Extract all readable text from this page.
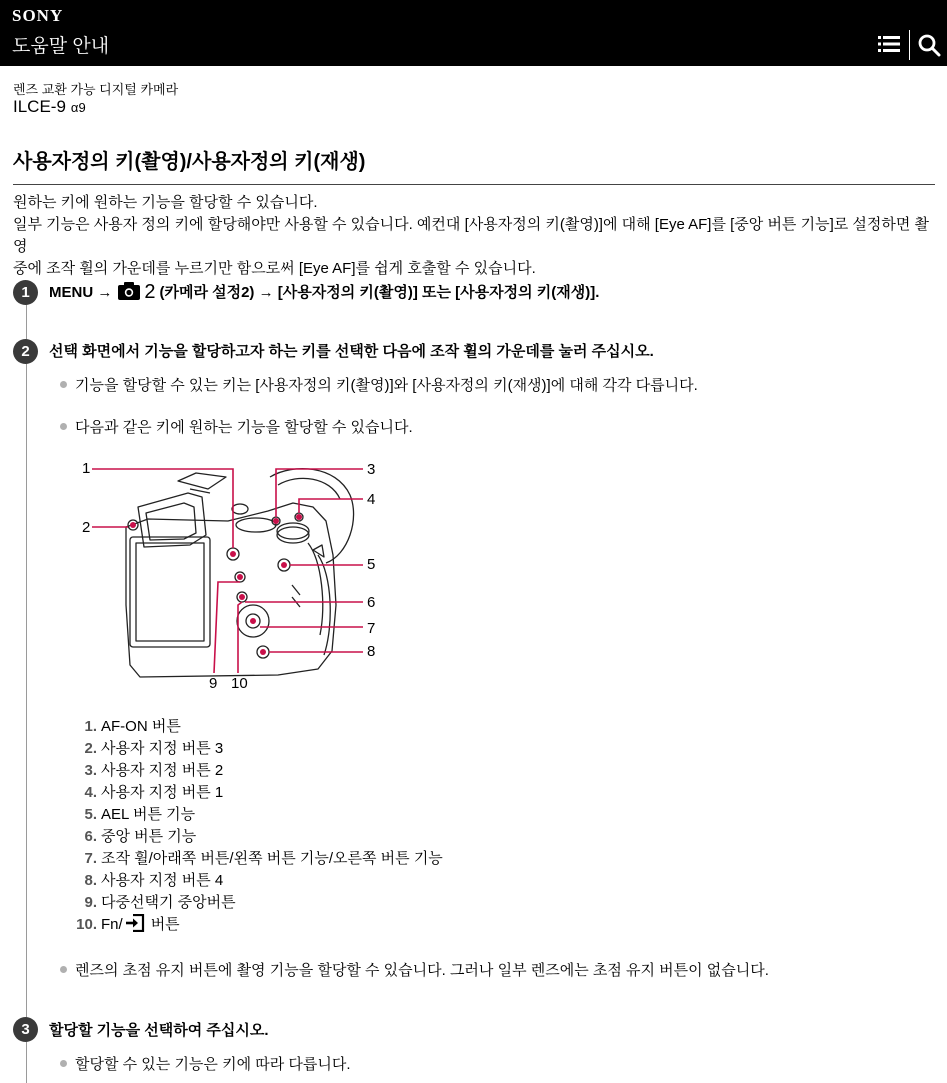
SONY
도움말 안내
렌즈 교환 가능 디지털 카메라
ILCE-9 α9
사용자정의 키(촬영)/사용자정의 키(재생)
원하는 키에 원하는 기능을 할당할 수 있습니다.
일부 기능은 사용자 정의 키에 할당해야만 사용할 수 있습니다. 예컨대 [사용자정의 키(촬영)]에 대해 [Eye AF]를 [중앙 버튼 기능]로 설정하면 촬영
중에 조작 휠의 가운데를 누르기만 함으로써 [Eye AF]를 쉽게 호출할 수 있습니다.
1	MENU → 2 (카메라 설정2) → [사용자정의 키(촬영)] 또는 [사용자정의 키(재생)].
2	선택 화면에서 기능을 할당하고자 하는 키를 선택한 다음에 조작 휠의 가운데를 눌러 주십시오.
기능을 할당할 수 있는 키는 [사용자정의 키(촬영)]와 [사용자정의 키(재생)]에 대해 각각 다릅니다.
다음과 같은 키에 원하는 기능을 할당할 수 있습니다.
1
2
3
4
5
6
7
8
9 10
1. AF-ON 버튼
2. 사용자 지정 버튼 3
3. 사용자 지정 버튼 2
4. 사용자 지정 버튼 1
5. AEL 버튼 기능
6. 중앙 버튼 기능
7. 조작 휠/아래쪽 버튼/왼쪽 버튼 기능/오른쪽 버튼 기능
8. 사용자 지정 버튼 4
9. 다중선택기 중앙버튼
10. Fn/ 버튼
렌즈의 초점 유지 버튼에 촬영 기능을 할당할 수 있습니다. 그러나 일부 렌즈에는 초점 유지 버튼이 없습니다.
3	할당할 기능을 선택하여 주십시오.
할당할 수 있는 기능은 키에 따라 다릅니다.
